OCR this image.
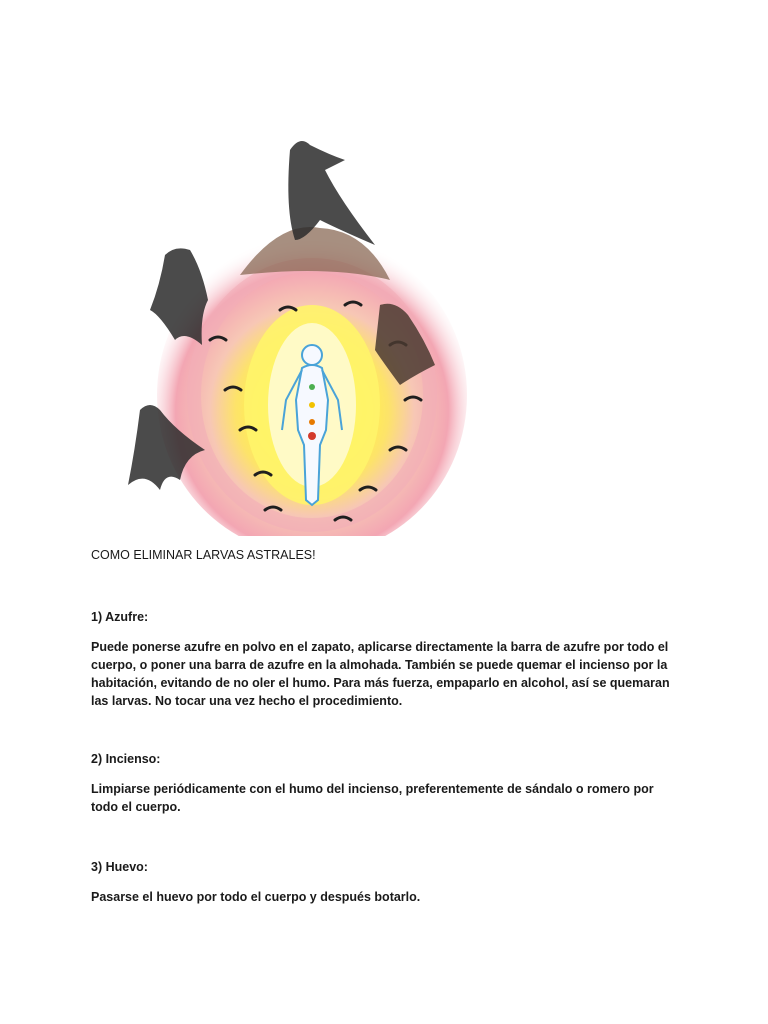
COMO ELIMINAR LARVAS ASTRALES!
1) Azufre:
Puede ponerse azufre en polvo en el zapato, aplicarse directamente la barra de azufre por todo el cuerpo, o poner una barra de azufre en la almohada. También se puede quemar el incienso por la habitación, evitando de no oler el humo. Para más fuerza, empaparlo en alcohol, así se quemaran las larvas. No tocar una vez hecho el procedimiento.
2) Incienso:
Limpiarse periódicamente con el humo del incienso, preferentemente de sándalo o romero por todo el cuerpo.
3) Huevo:
Pasarse el huevo por todo el cuerpo y después botarlo.
